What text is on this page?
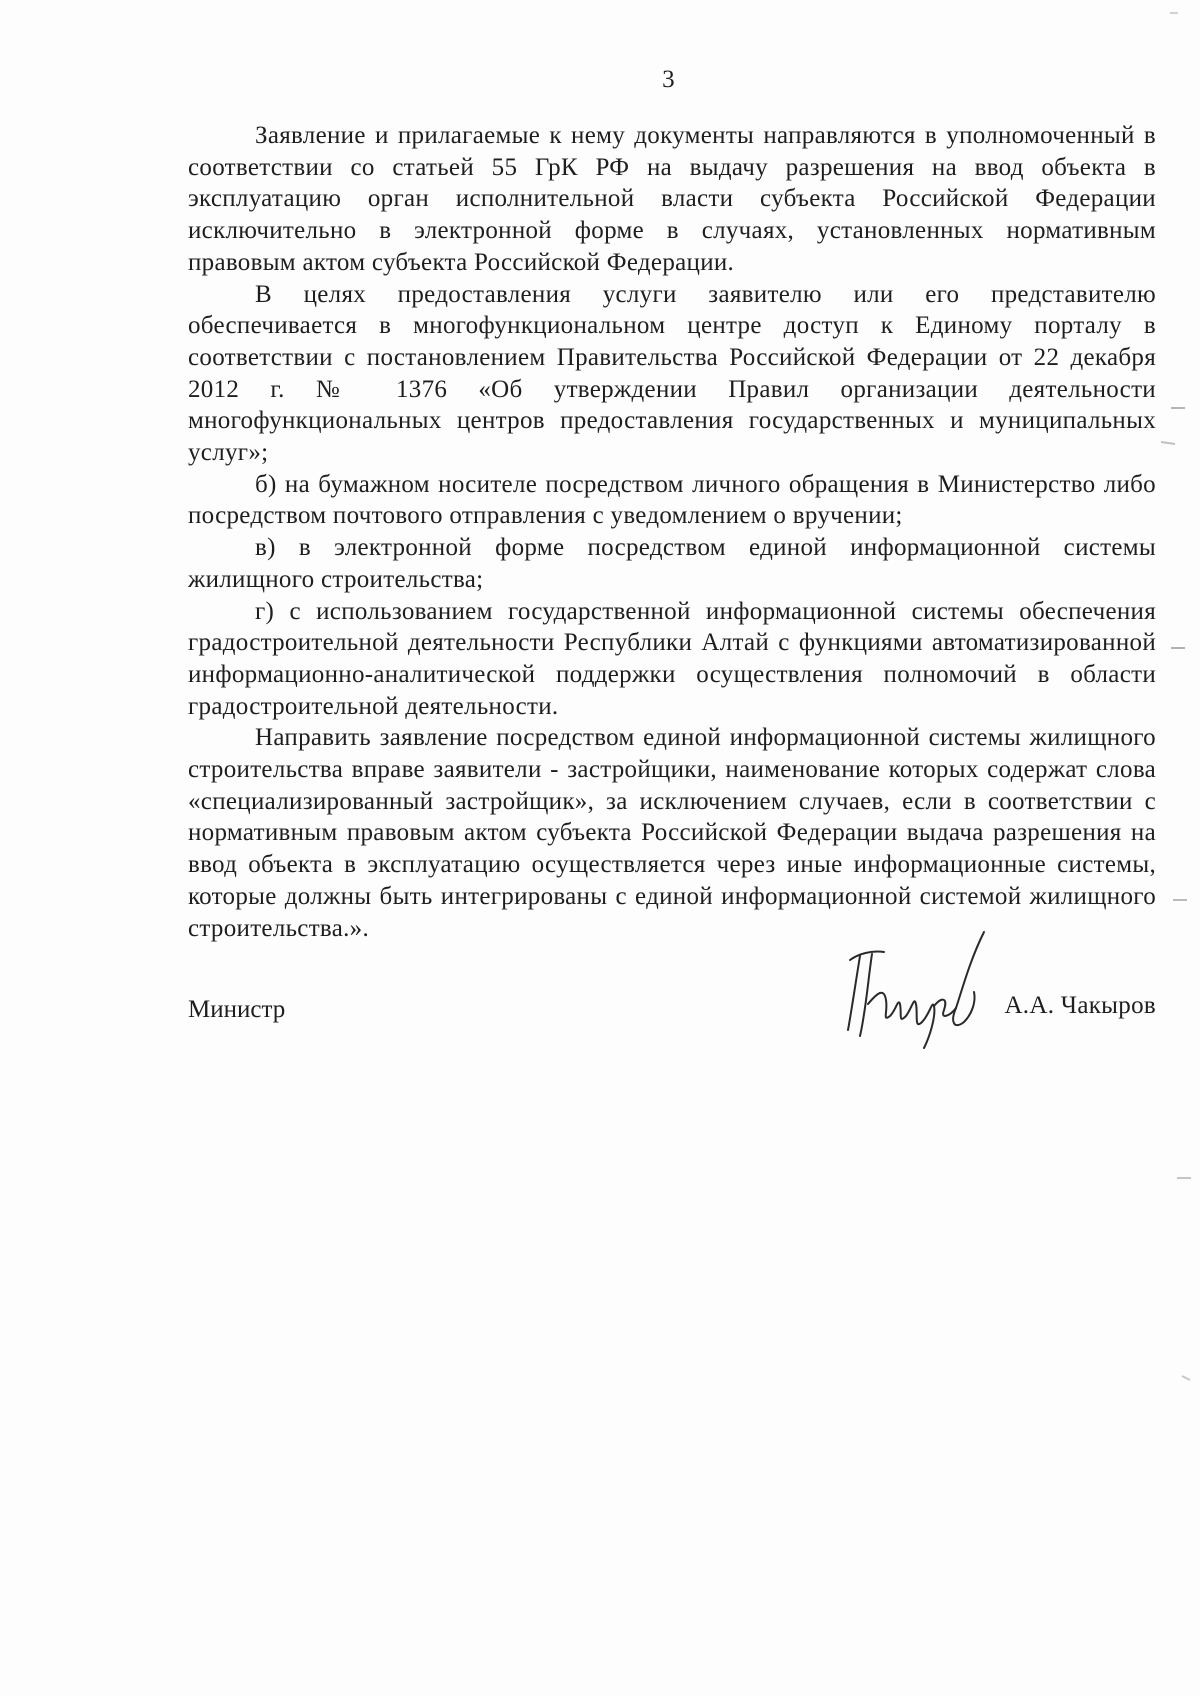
3

Заявление и прилагаемые к нему документы направляются в уполномоченный в соответствии со статьей 55 ГрК РФ на выдачу разрешения на ввод объекта в эксплуатацию орган исполнительной власти субъекта Российской Федерации исключительно в электронной форме в случаях, установленных нормативным правовым актом субъекта Российской Федерации.

В целях предоставления услуги заявителю или его представителю обеспечивается в многофункциональном центре доступ к Единому порталу в соответствии с постановлением Правительства Российской Федерации от 22 декабря 2012 г. № 1376 «Об утверждении Правил организации деятельности многофункциональных центров предоставления государственных и муниципальных услуг»;

б) на бумажном носителе посредством личного обращения в Министерство либо посредством почтового отправления с уведомлением о вручении;

в) в электронной форме посредством единой информационной системы жилищного строительства;

г) с использованием государственной информационной системы обеспечения градостроительной деятельности Республики Алтай с функциями автоматизированной информационно-аналитической поддержки осуществления полномочий в области градостроительной деятельности.

Направить заявление посредством единой информационной системы жилищного строительства вправе заявители - застройщики, наименование которых содержат слова «специализированный застройщик», за исключением случаев, если в соответствии с нормативным правовым актом субъекта Российской Федерации выдача разрешения на ввод объекта в эксплуатацию осуществляется через иные информационные системы, которые должны быть интегрированы с единой информационной системой жилищного строительства.».

Министр	А.А. Чакыров
